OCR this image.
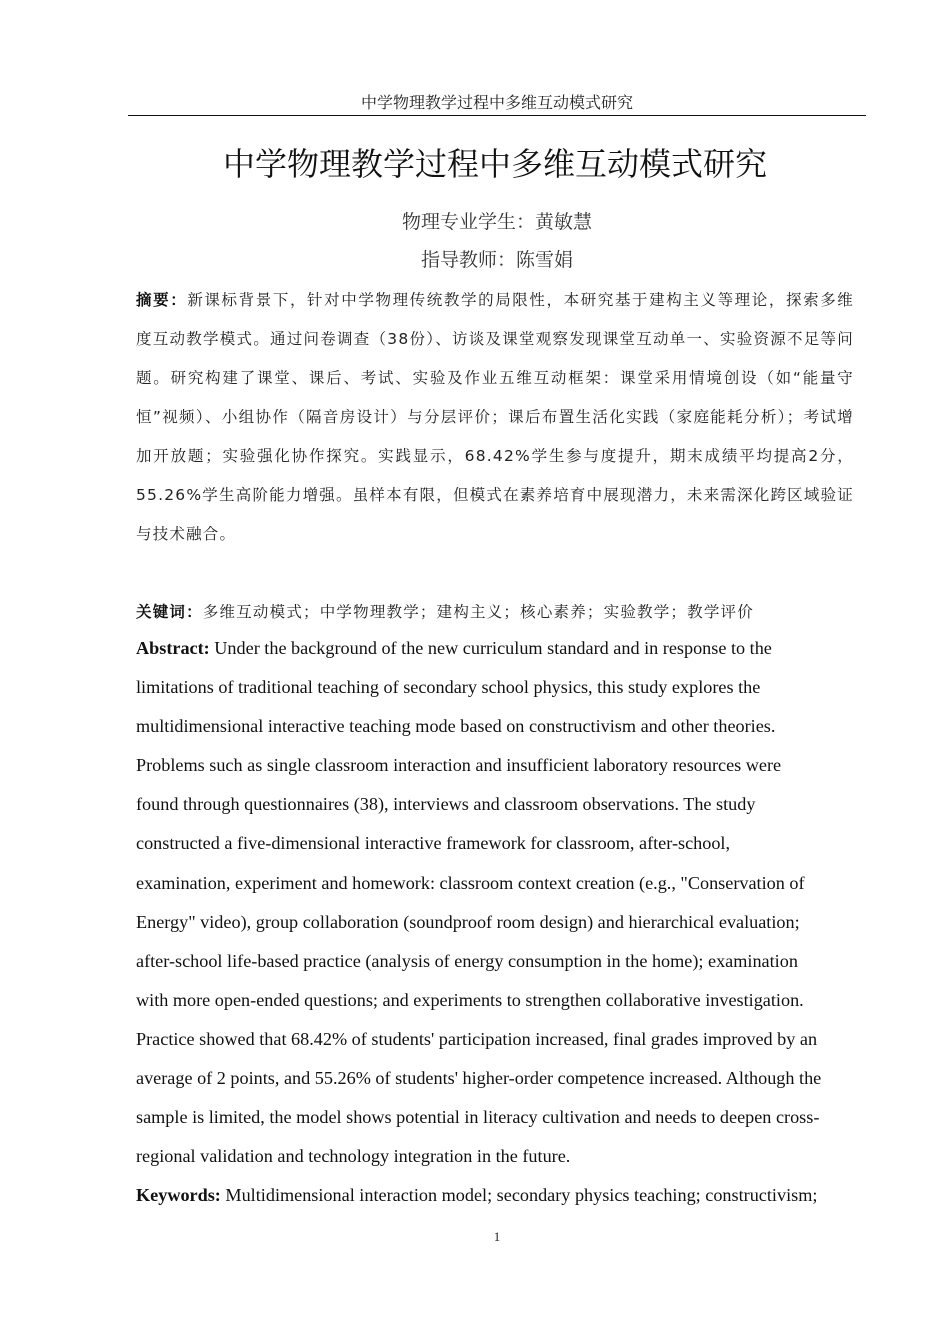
中学物理教学过程中多维互动模式研究
中学物理教学过程中多维互动模式研究
物理专业学生：黄敏慧
指导教师：陈雪娟
摘要：新课标背景下，针对中学物理传统教学的局限性，本研究基于建构主义等理论，探索多维度互动教学模式。通过问卷调查（38份）、访谈及课堂观察发现课堂互动单一、实验资源不足等问题。研究构建了课堂、课后、考试、实验及作业五维互动框架：课堂采用情境创设（如“能量守恒”视频）、小组协作（隔音房设计）与分层评价；课后布置生活化实践（家庭能耗分析）；考试增加开放题；实验强化协作探究。实践显示，68.42%学生参与度提升，期末成绩平均提高2分，55.26%学生高阶能力增强。虽样本有限，但模式在素养培育中展现潜力，未来需深化跨区域验证与技术融合。
关键词：多维互动模式；中学物理教学；建构主义；核心素养；实验教学；教学评价
Abstract: Under the background of the new curriculum standard and in response to the
limitations of traditional teaching of secondary school physics, this study explores the
multidimensional interactive teaching mode based on constructivism and other theories.
Problems such as single classroom interaction and insufficient laboratory resources were
found through questionnaires (38), interviews and classroom observations. The study
constructed a five-dimensional interactive framework for classroom, after-school,
examination, experiment and homework: classroom context creation (e.g., "Conservation of
Energy" video), group collaboration (soundproof room design) and hierarchical evaluation;
after-school life-based practice (analysis of energy consumption in the home); examination
with more open-ended questions; and experiments to strengthen collaborative investigation.
Practice showed that 68.42% of students' participation increased, final grades improved by an
average of 2 points, and 55.26% of students' higher-order competence increased. Although the
sample is limited, the model shows potential in literacy cultivation and needs to deepen cross-
regional validation and technology integration in the future.
Keywords: Multidimensional interaction model; secondary physics teaching; constructivism;
1
